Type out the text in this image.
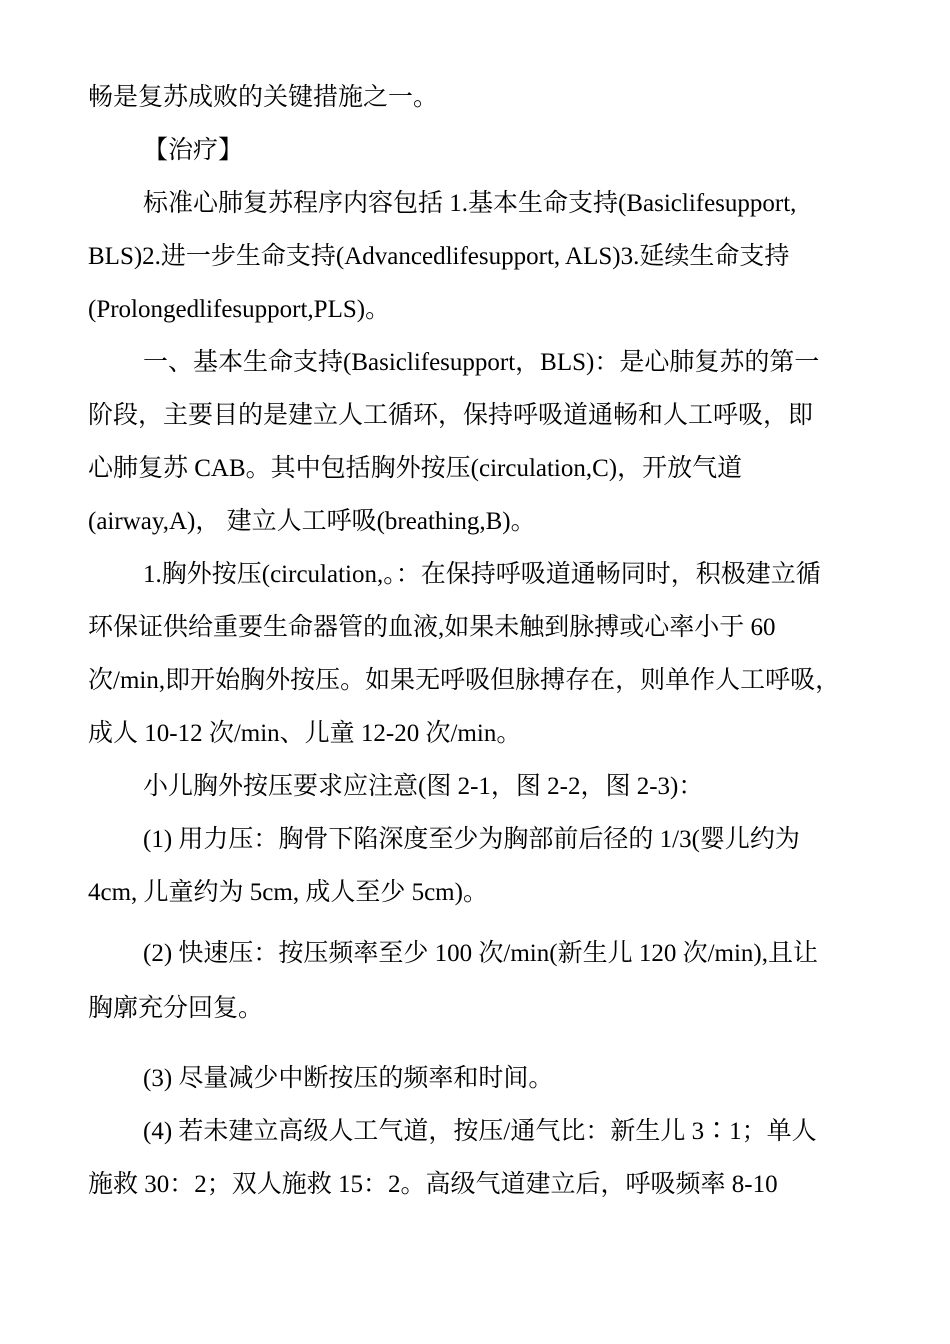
畅是复苏成败的关键措施之一。
【治疗】
标准心肺复苏程序内容包括 1.基本生命支持(Basiclifesupport,
BLS)2.进一步生命支持(Advancedlifesupport, ALS)3.延续生命支持
(Prolongedlifesupport,PLS)。
一、基本生命支持(Basiclifesupport，BLS)：是心肺复苏的第一
阶段，主要目的是建立人工循环，保持呼吸道通畅和人工呼吸，即
心肺复苏 CAB。其中包括胸外按压(circulation,C)，开放气道
(airway,A)， 建立人工呼吸(breathing,B)。
1.胸外按压(circulation,。：在保持呼吸道通畅同时，积极建立循
环保证供给重要生命器管的血液,如果未触到脉搏或心率小于 60
次/min,即开始胸外按压。如果无呼吸但脉搏存在，则单作人工呼吸，
成人 10-12 次/min、儿童 12-20 次/min。
小儿胸外按压要求应注意(图 2-1，图 2-2，图 2-3)：
(1) 用力压：胸骨下陷深度至少为胸部前后径的 1/3(婴儿约为
4cm, 儿童约为 5cm, 成人至少 5cm)。
(2) 快速压：按压频率至少 100 次/min(新生儿 120 次/min),且让
胸廓充分回复。
(3) 尽量减少中断按压的频率和时间。
(4) 若未建立高级人工气道，按压/通气比：新生儿 3∶1；单人
施救 30：2；双人施救 15：2。高级气道建立后，呼吸频率 8-10
